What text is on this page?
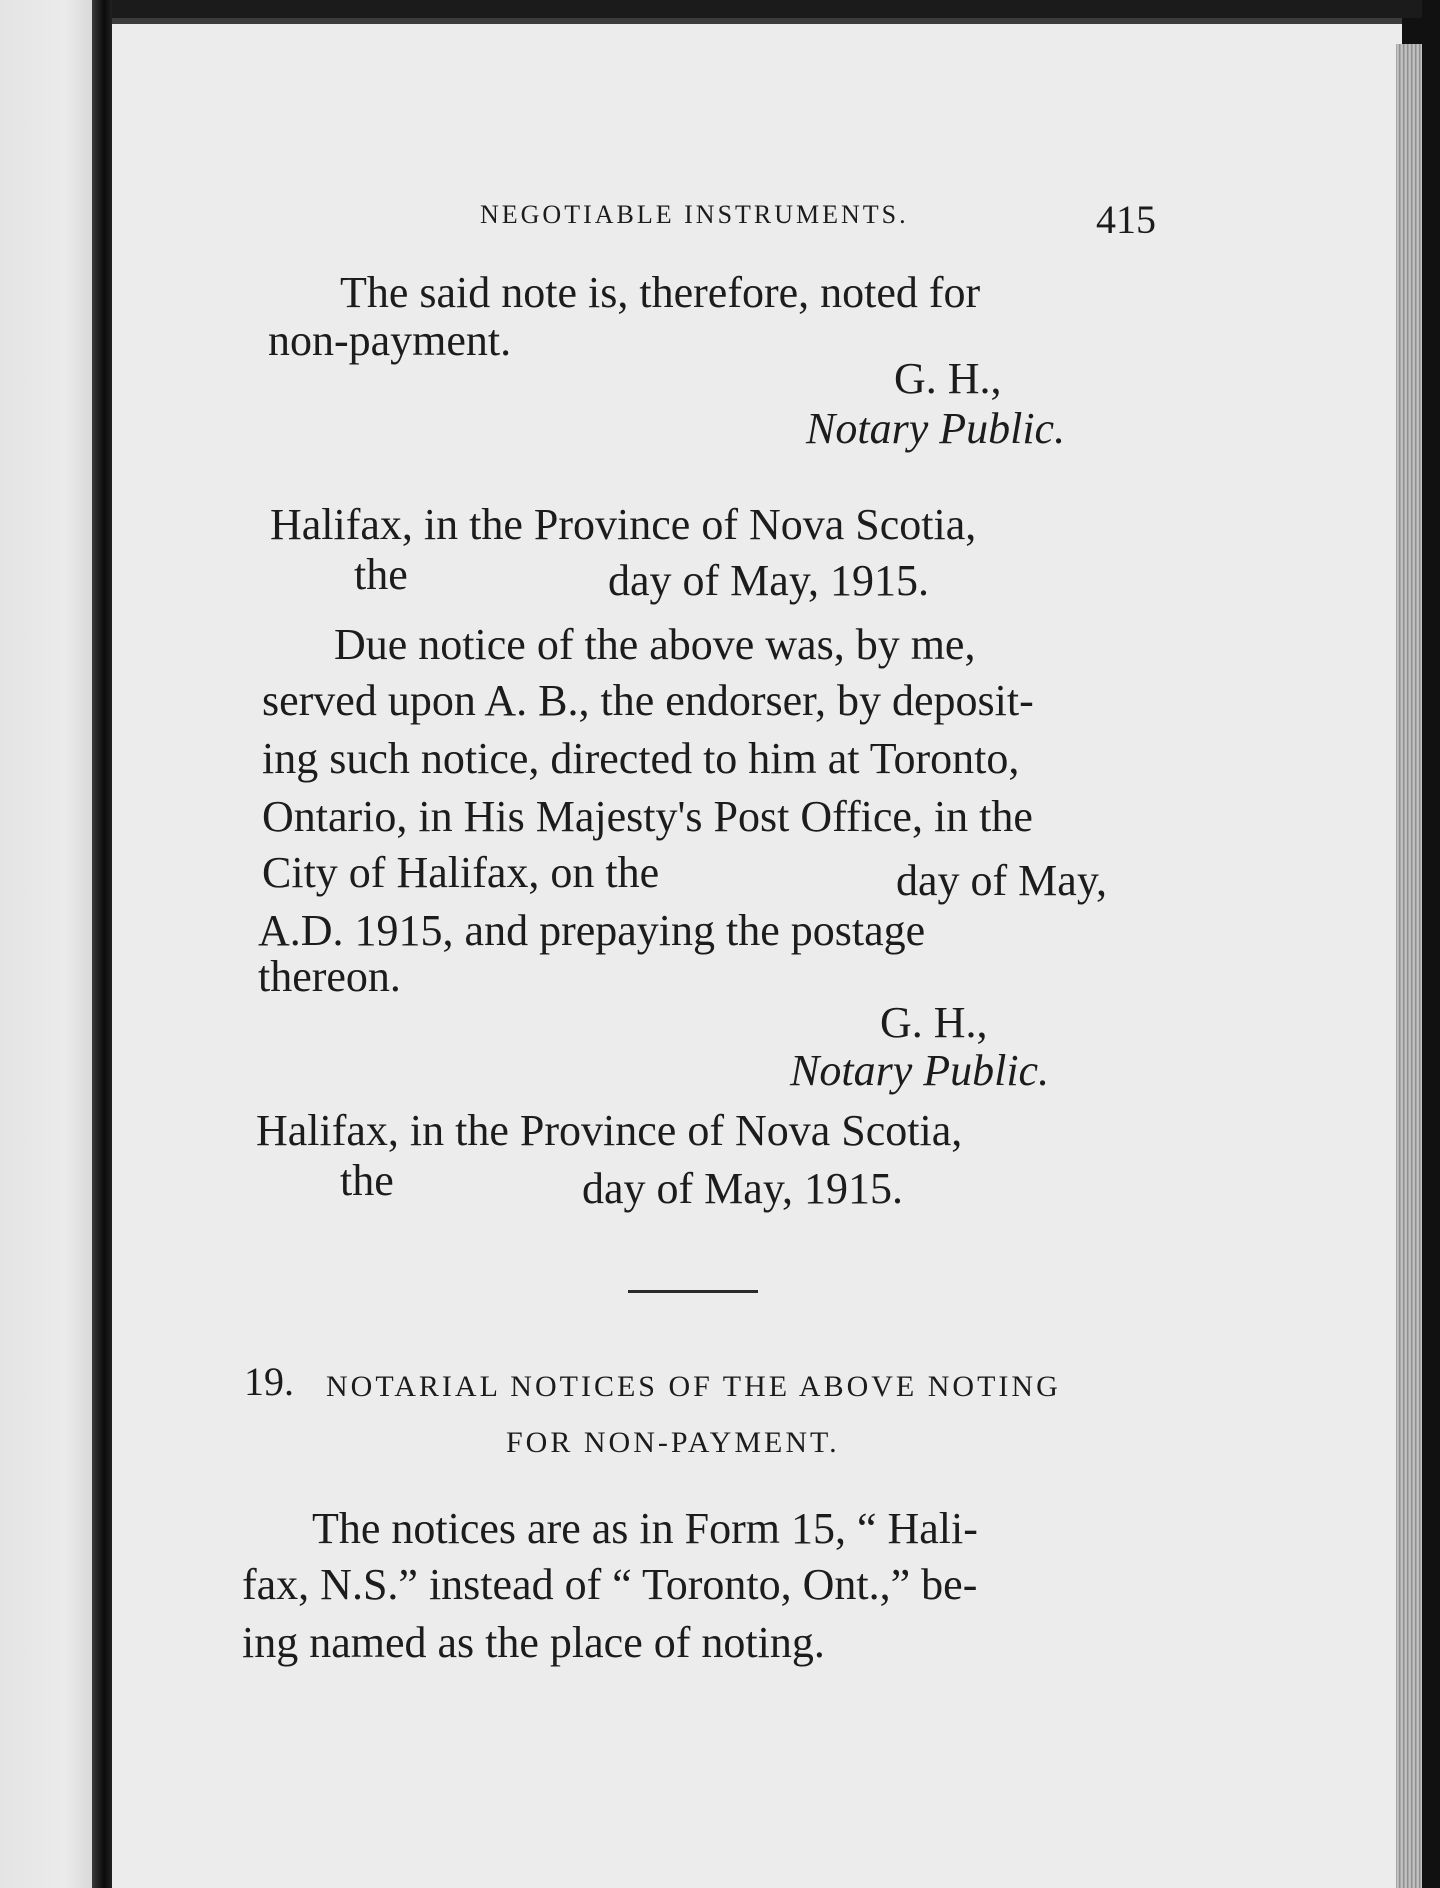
NEGOTIABLE INSTRUMENTS.	415
The said note is, therefore, noted for
non-payment.
G. H.,
Notary Public.
Halifax, in the Province of Nova Scotia,
the	day of May, 1915.
Due notice of the above was, by me,
served upon A. B., the endorser, by deposit-
ing such notice, directed to him at Toronto,
Ontario, in His Majesty's Post Office, in the
City of Halifax, on the	day of May,
A.D. 1915, and prepaying the postage
thereon.
G. H.,
Notary Public.
Halifax, in the Province of Nova Scotia,
the	day of May, 1915.
19. NOTARIAL NOTICES OF THE ABOVE NOTING
FOR NON-PAYMENT.
The notices are as in Form 15, “ Hali-
fax, N.S.” instead of “ Toronto, Ont.,” be-
ing named as the place of noting.
